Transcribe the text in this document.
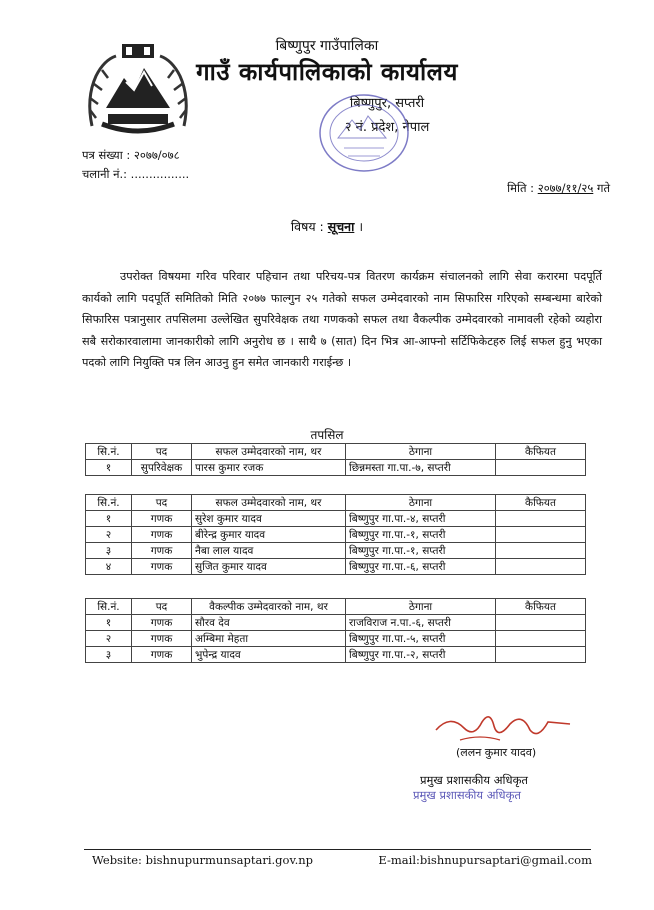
बिष्णुपुर गाउँपालिका
गाउँ कार्यपालिकाको कार्यालय
बिष्णुपुर, सप्तरी
२ नं. प्रदेश, नेपाल
पत्र संख्या : २०७७/०७८
चलानी नं.: ................
मिति : २०७७/११/२५ गते
विषय : सूचना ।
उपरोक्त विषयमा गरिव परिवार पहिचान तथा परिचय-पत्र वितरण कार्यक्रम संचालनको लागि सेवा करारमा पदपूर्ति कार्यको लागि पदपूर्ति समितिको मिति २०७७ फाल्गुन २५ गतेको सफल उम्मेदवारको नाम सिफारिस गरिएको सम्बन्धमा बारेको सिफारिस पत्रानुसार तपसिलमा उल्लेखित सुपरिवेक्षक तथा गणकको सफल तथा वैकल्पीक उम्मेदवारको नामावली रहेको व्यहोरा सबै सरोकारवालामा जानकारीको लागि अनुरोध छ । साथै ७ (सात) दिन भित्र आ-आफ्नो सर्टिफिकेटहरु लिई सफल हुनु भएका पदको लागि नियुक्ति पत्र लिन आउनु हुन समेत जानकारी गराईन्छ ।
तपसिल
सि.नं.	पद	सफल उम्मेदवारको नाम, थर	ठेगाना	कैफियत
१	सुपरिवेक्षक	पारस कुमार रजक	छिन्नमस्ता गा.पा.-७, सप्तरी	
सि.नं.	पद	सफल उम्मेदवारको नाम, थर	ठेगाना	कैफियत
१	गणक	सुरेश कुमार यादव	बिष्णुपुर गा.पा.-४, सप्तरी	
२	गणक	बीरेन्द्र कुमार यादव	बिष्णुपुर गा.पा.-१, सप्तरी	
३	गणक	नैबा लाल यादव	बिष्णुपुर गा.पा.-१, सप्तरी	
४	गणक	सुजित कुमार यादव	बिष्णुपुर गा.पा.-६, सप्तरी	
सि.नं.	पद	वैकल्पीक उम्मेदवारको नाम, थर	ठेगाना	कैफियत
१	गणक	सौरव देव	राजविराज न.पा.-६, सप्तरी	
२	गणक	अम्बिमा मेहता	बिष्णुपुर गा.पा.-५, सप्तरी	
३	गणक	भुपेन्द्र यादव	बिष्णुपुर गा.पा.-२, सप्तरी	
(ललन कुमार यादव)
प्रमुख प्रशासकीय अधिकृत
प्रमुख प्रशासकीय अधिकृत
Website: bishnupurmunsaptari.gov.np	E-mail:bishnupursaptari@gmail.com
